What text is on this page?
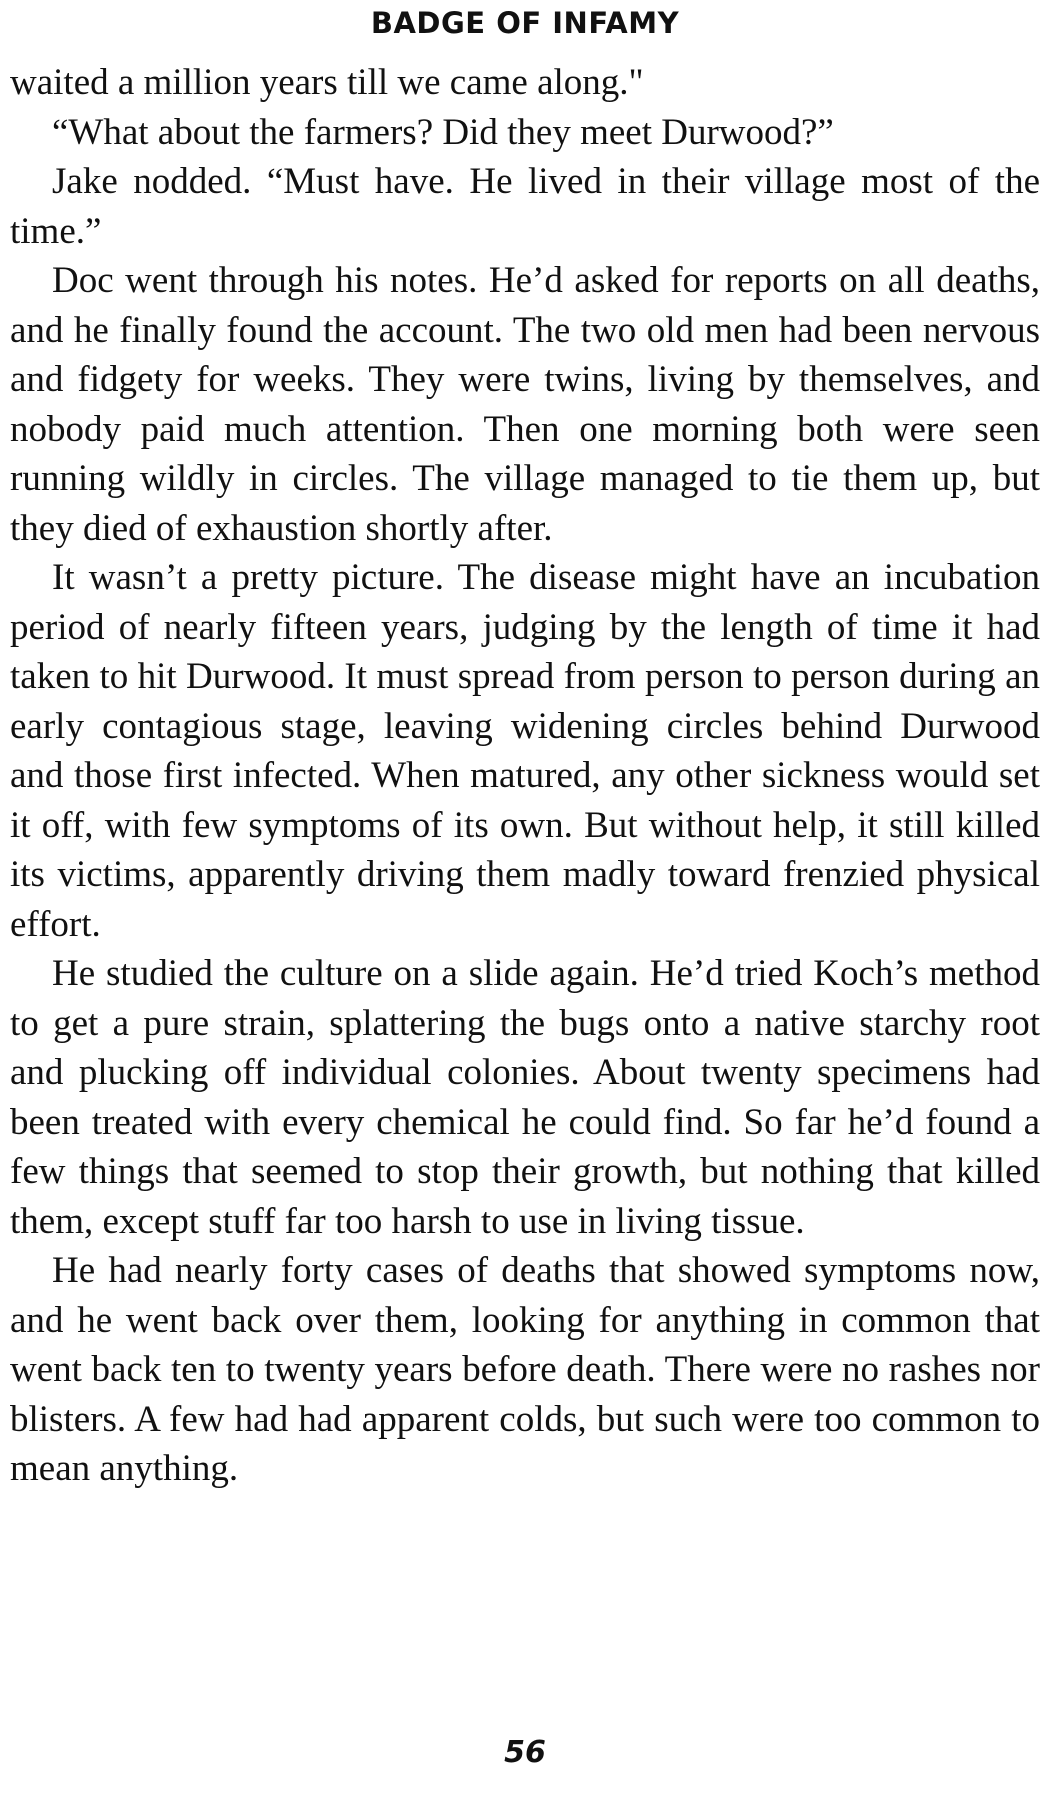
BADGE OF INFAMY

waited a million years till we came along."

“What about the farmers? Did they meet Durwood?”

Jake nodded. “Must have. He lived in their village most of the time.”

Doc went through his notes. He’d asked for reports on all deaths, and he finally found the account. The two old men had been nervous and fidgety for weeks. They were twins, living by themselves, and nobody paid much attention. Then one morning both were seen running wildly in circles. The village managed to tie them up, but they died of exhaustion shortly after.

It wasn’t a pretty picture. The disease might have an incubation period of nearly fifteen years, judging by the length of time it had taken to hit Durwood. It must spread from person to person during an early contagious stage, leaving widening circles behind Durwood and those first infected. When matured, any other sickness would set it off, with few symptoms of its own. But without help, it still killed its victims, apparently driving them madly toward frenzied physical effort.

He studied the culture on a slide again. He’d tried Koch’s method to get a pure strain, splattering the bugs onto a native starchy root and plucking off individual colonies. About twenty specimens had been treated with every chemical he could find. So far he’d found a few things that seemed to stop their growth, but nothing that killed them, except stuff far too harsh to use in living tissue.

He had nearly forty cases of deaths that showed symptoms now, and he went back over them, looking for anything in common that went back ten to twenty years before death. There were no rashes nor blisters. A few had had apparent colds, but such were too common to mean anything.

56
